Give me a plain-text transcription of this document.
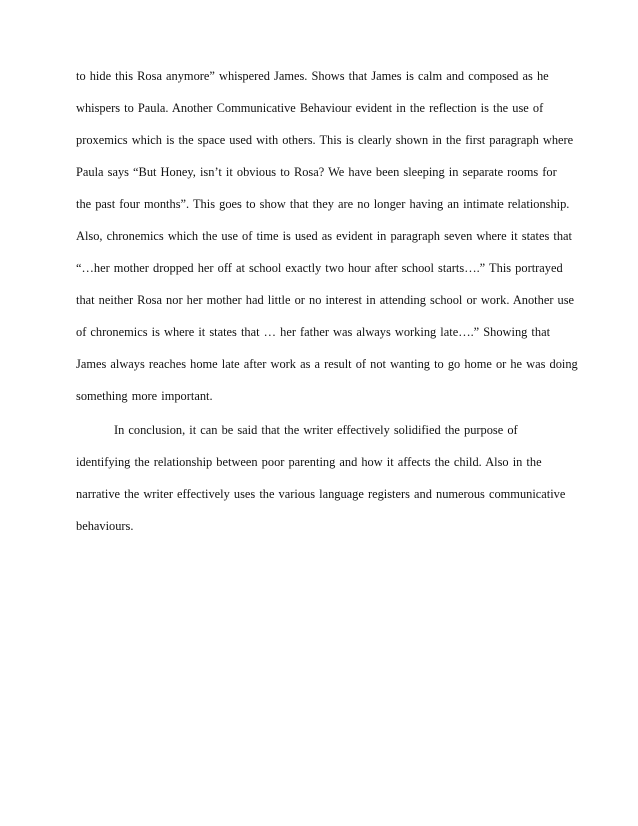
to hide this Rosa anymore” whispered James. Shows that James is calm and composed as he
whispers to Paula. Another Communicative Behaviour evident in the reflection is the use of
proxemics which is the space used with others. This is clearly shown in the first paragraph where
Paula says “But Honey, isn’t it obvious to Rosa? We have been sleeping in separate rooms for
the past four months”. This goes to show that they are no longer having an intimate relationship.
Also, chronemics which the use of time is used as evident in paragraph seven where it states that
“…her mother dropped her off at school exactly two hour after school starts….” This portrayed
that neither Rosa nor her mother had little or no interest in attending school or work. Another use
of chronemics is where it states that … her father was always working late….” Showing that
James always reaches home late after work as a result of not wanting to go home or he was doing
something more important.
In conclusion, it can be said that the writer effectively solidified the purpose of
identifying the relationship between poor parenting and how it affects the child. Also in the
narrative the writer effectively uses the various language registers and numerous communicative
behaviours.
